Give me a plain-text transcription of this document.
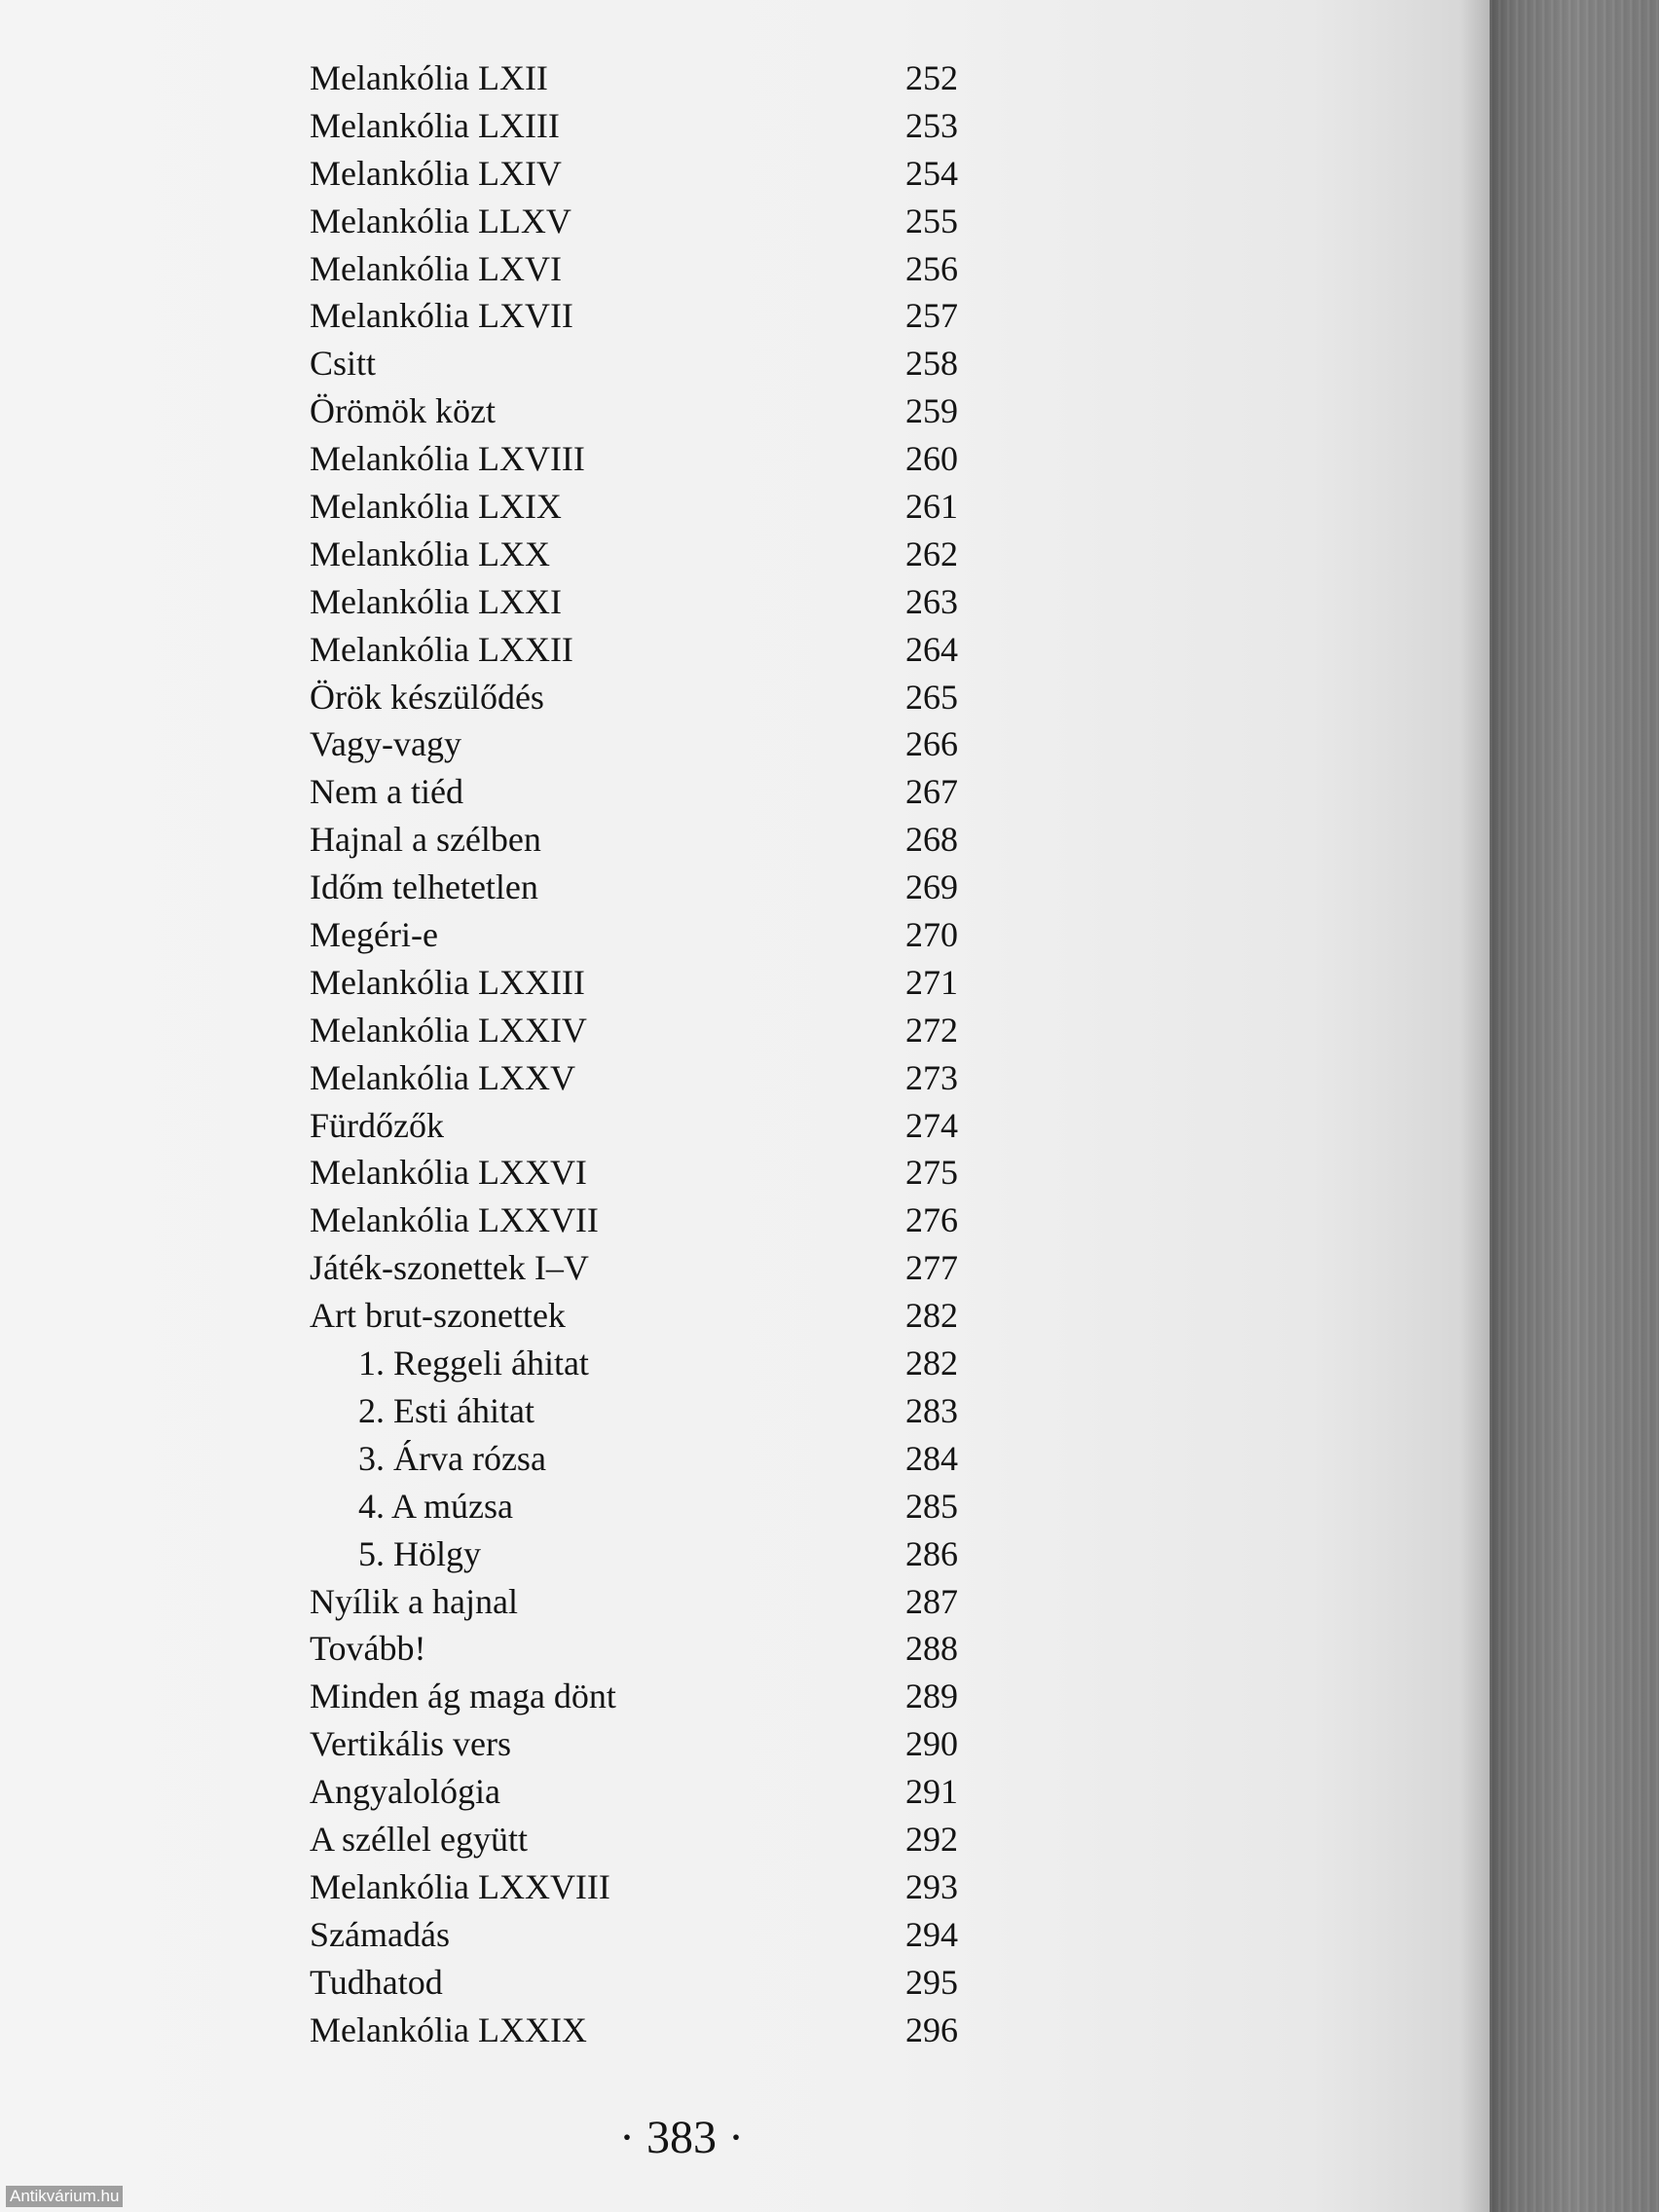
Melankólia LXII	252
Melankólia LXIII	253
Melankólia LXIV	254
Melankólia LLXV	255
Melankólia LXVI	256
Melankólia LXVII	257
Csitt	258
Örömök közt	259
Melankólia LXVIII	260
Melankólia LXIX	261
Melankólia LXX	262
Melankólia LXXI	263
Melankólia LXXII	264
Örök készülődés	265
Vagy-vagy	266
Nem a tiéd	267
Hajnal a szélben	268
Időm telhetetlen	269
Megéri-e	270
Melankólia LXXIII	271
Melankólia LXXIV	272
Melankólia LXXV	273
Fürdőzők	274
Melankólia LXXVI	275
Melankólia LXXVII	276
Játék-szonettek I–V	277
Art brut-szonettek	282
1. Reggeli áhitat	282
2. Esti áhitat	283
3. Árva rózsa	284
4. A múzsa	285
5. Hölgy	286
Nyílik a hajnal	287
Tovább!	288
Minden ág maga dönt	289
Vertikális vers	290
Angyalológia	291
A széllel együtt	292
Melankólia LXXVIII	293
Számadás	294
Tudhatod	295
Melankólia LXXIX	296
· 383 ·
Antikvárium.hu
